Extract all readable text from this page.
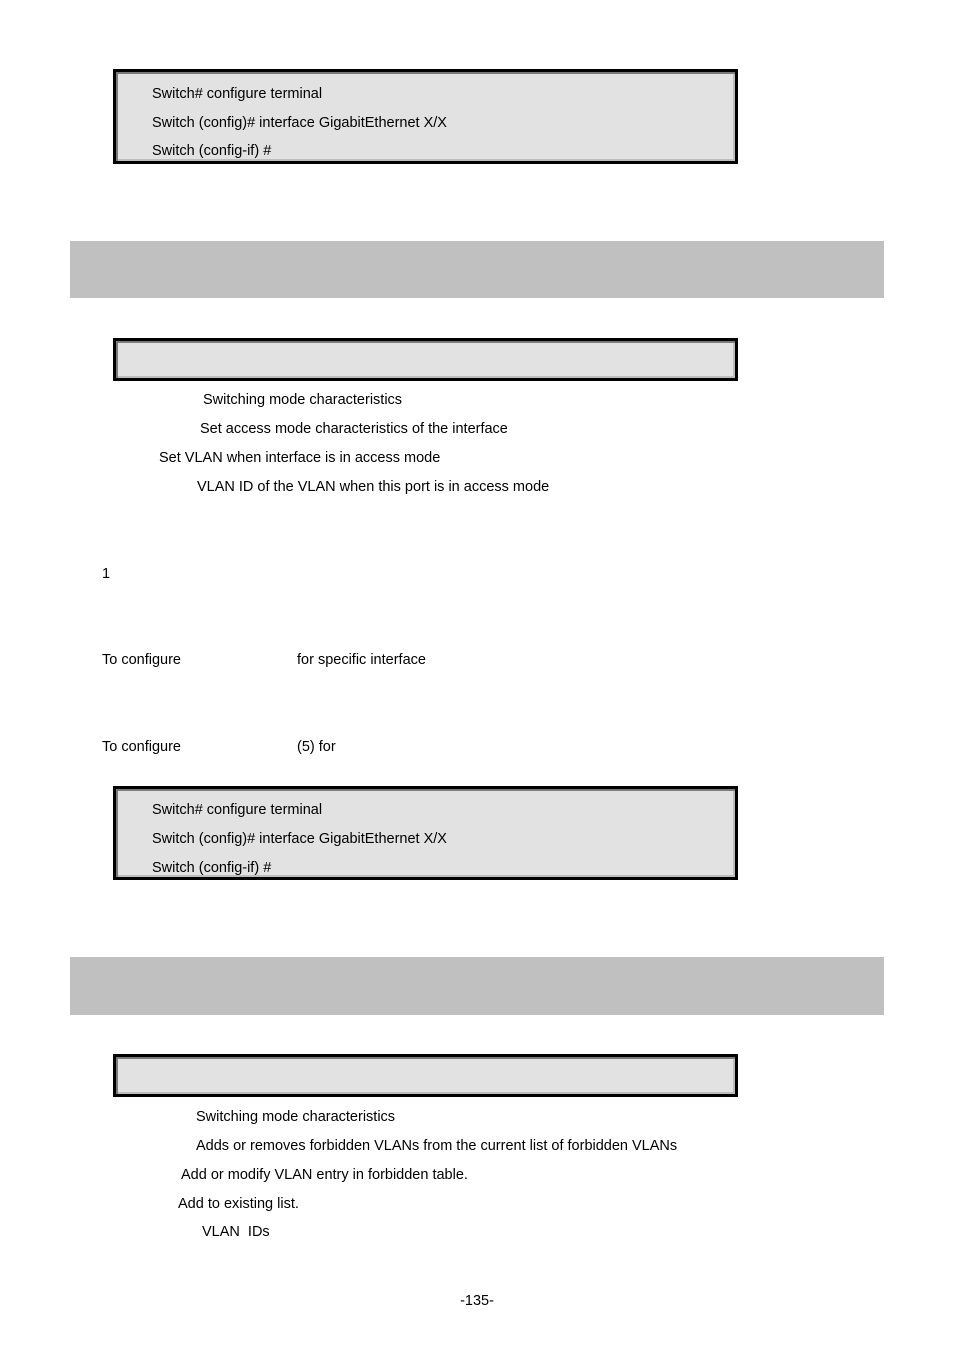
Switch# configure terminal
Switch (config)# interface GigabitEthernet X/X
Switch (config-if) #
Switching mode characteristics
Set access mode characteristics of the interface
Set VLAN when interface is in access mode
VLAN ID of the VLAN when this port is in access mode
1
To configure	for specific interface
To configure	(5) for
Switch# configure terminal
Switch (config)# interface GigabitEthernet X/X
Switch (config-if) #
Switching mode characteristics
Adds or removes forbidden VLANs from the current list of forbidden VLANs
Add or modify VLAN entry in forbidden table.
Add to existing list.
VLAN  IDs
-135-
